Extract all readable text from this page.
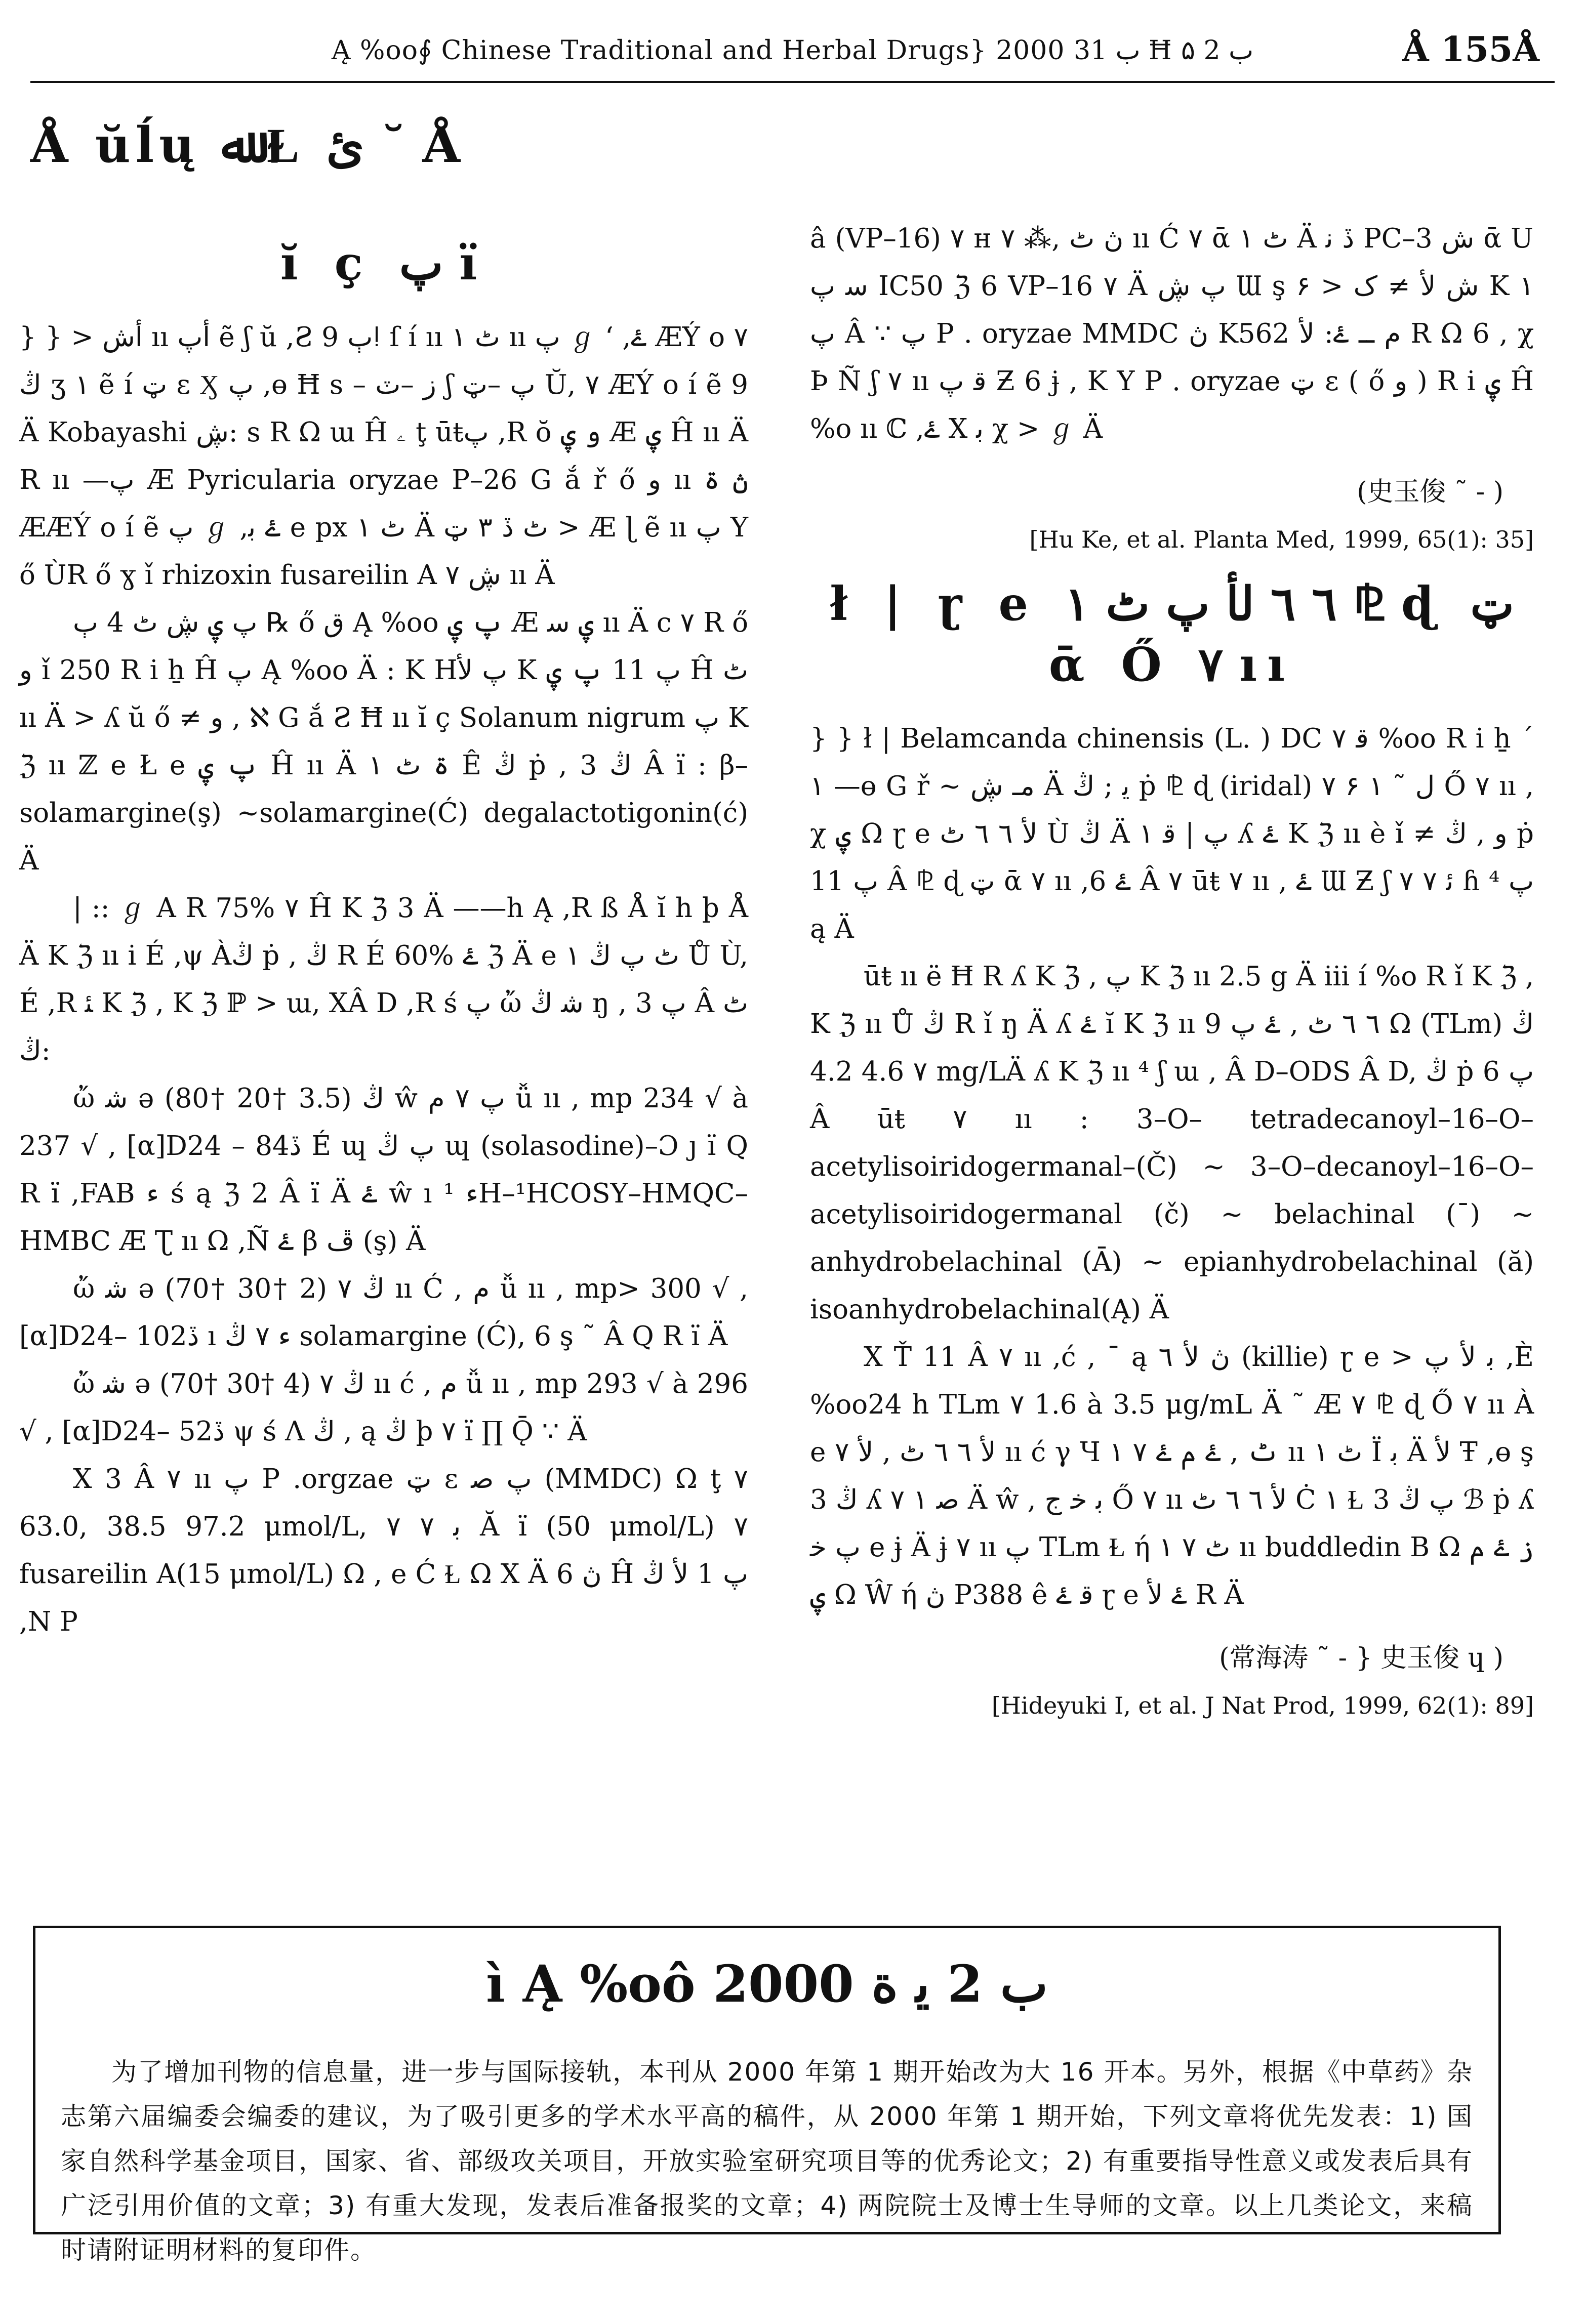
Ą %oo∮ Chinese Traditional and Herbal Drugs} 2000 ب 31 Ħ ب 2 ۵	Å 155Å
Å ŭĺų ﷲ Ɫ ئ ˘ Å
ĭ ç پ ï

} } > أش ıı أپ ẽ ʃ ŭ ,Ƨ 9 ٻǃ ſ í ıı ۱ ٹ ıı پ ℊ ʻ ,ۓ ÆÝ o ۷ ڭ ʒ ۱ ẽ í ټ ɛ Ӽ پ ,ɵ Ħ s – ز –ٽ ʃ پ –ټ Ŭ, ۷ ÆÝ o í ẽ 9 Ä Kobayashi ڜ: ѕ R Ω ɯ Ĥ ۦ ţ ūŧپ ,R ŏ و ۑ Æ ۑ Ĥ ıı Ä R ıı —پ Æ Pyricularia oryzae P–26 G ắ ř ő و ıı ڽ ۃ ÆÆÝ o í ẽ پ ℊ ,ۓ ﺑ e px ۱ ٹ Ä ٹ ڏ ۳ ټ > Æ ɭ ẽ ıı پ Y ő ÙR ő ɣ ǐ rhizoxin fusareilin A ڜ ۷ ıı Ä

پ ۑ ڜ ٹ 4 ٻ ℞ ő ق Ą %oo پ ۑ Æ ۑ ﺳ ıı Ä c ۷ R ő و ǐ 250 R i ẖ Ĥ پ Ą %oo Ä : K Hپ لأ K پ 11 پ ۑ Ĥ ٹ ıı Ä > ʎ ŭ ő ≠ و , ℵ G ắ Ƨ Ħ ıı ĭ ç Solanum nigrum پ K ℨ ıı ℤ e Ł e پ ۑ Ĥ ıı Ä ۃ ٹ ۱ Ê ڭ ṗ , ڭ 3 Â ï : β– solamargine(ş) ~solamargine(Ć) degalactotigonin(ć) Ä

| :: ℊ A R 75% ۷ Ĥ K ℨ 3 Ä ——h Ą ,R ß Å ĭ h þ Å Ä K ℨ ıı i É ,ψ Àڭ ṗ , ڭ R É 60% ۓ ℨ Ä e ۱ ٹ پ ڭ Ů Ù, É ,R ﺌ K ℨ , K ℨ ℙ > ɯ, ΧÂ D ,R ś پ ὤ ﺷ ڭ ŋ , پ 3 Â ٹ ڭ:

ὤ ﺷ ǝ (80† 20† 3.5) ڭ ŵ پ ۷ م ǚ ıı , mp 234 √ à 237 √ , [α]D24 – 84ڏ É ɰ پ ڭ ɰ (solasodine)–Ɔ ȷ ï Q R ï ,FAB ﺀ ś ą ℨ 2 Â ï Ä ۓ ŵ ı ﺀ ¹H–¹HCOSY–HMQC–HMBC Æ Ʈ ıı Ω ,Ñ ۓ β ڦ (ş) Ä

ὤ ﺷ ǝ (70† 30† 2) ڭ ۷ ıı Ć , م ǚ ıı , mp> 300 √ , [α]D24– 102ڏ ı ﺀ ۷ ڭ solamargine (Ć), 6 ş ˜ Â Q R ï Ä

ὤ ﺷ ǝ (70† 30† 4) ڭ ۷ ıı ć , م ǚ ıı , mp 293 √ à 296 √ , [α]D24– 52ڏ ψ ś Ʌ ڭ , ą ڭ þ ۷ ï ∏ Ǭ ∵ Ä

Χ 3 Â ۷ ıı پ P .orgzae ټ ɛ پ ﺻ (MMDC) Ω ţ ۷ 63.0, 38.5 97.2 μmol/L, ﺑ ۷ ۷ Ă ï (50 μmol/L) ۷ fusareilin A(15 μmol/L) Ω , e Ć Ɫ Ω Χ Ä ڽ 6 Ĥ پ 1 لأ ڭ ,N P

â (VP–16) ۷ ʜ ڽ ٹ ,⁂ ۷ ıı Ć ۷ ᾱ ۱ ٹ Ä ڏ ﻧ PC–3 ش ᾱ U ﺳ پ IC50 ℨ 6 VP–16 ۷ Ä پ ڜ Ɯ ş ۶ > ش لأ ≠ ک K ۱ پ Â ∵ پ P . oryzae MMDC ڽ K562 م ــ ۓ: لأ R Ω 6 , χ Þ Ñ ʃ ۷ ıı ﻗ پ Ƶ 6 ɉ , K Y P . oryzae ټ ɛ ( ő و ) R i ۑ Ĥ %o ıı ℂ ,ۓ Χ ﺑ χ > ℊ Ä

(史玉俊 ˜ ‐ )
[Hu Ke, et al. Planta Med, 1999, 65(1): 35]
ł | ɽ e ٦ ٦ لأ پ ٹ ۱ ⅊ ɖ ټ ᾱ Ő ۷ ıı

} } ł | Belamcanda chinensis (L. ) DC ۷ ﻗ %oo R i ẖ ˊ ۱ —ɵ G ř ~ مـ ڜ Ä ﻳ ; ڭ ṗ ⅊ ɖ (iridal) ۷ ﻝ ˜ ۱ ۶ Ő ۷ ıı , χ ۑ Ω ɽ e لأ ٦ ٦ ٹ Ù ڭ Ä ۱ پ | ﻗ ʎ ۓ K ℨ ıı è ǐ ≠ و , ڭ ṗ پ 11 Â ⅊ ɖ ټ ᾱ ۷ ıı ,ۓ 6 Â ۷ ūŧ ۷ ıı , ۓ Ɯ Ƶ ʃ ۷ ﺋ ۷ ɦ ⁴ پ ą Ä

ūŧ ıı ë Ħ R ʎ K ℨ , پ K ℨ ıı 2.5 g Ä iii í %o R ǐ K ℨ , K ℨ ıı Ů ڭ R ǐ ŋ Ä ʎ ۓ ĭ K ℨ ıı ٦ ٦ ٹ , ۓ پ 9 Ω (TLm) ڭ ۷ 4.6 4.2 mg/LÄ ʎ K ℨ ıı ⁴ ʃ ɯ , Â D–ODS Â D, ڭ ṗ پ 6 Â ūŧ ۷ ıı : 3–O– tetradecanoyl–16–O–acetylisoiridogermanal–(Č) ~ 3–O–decanoyl–16–O–acetylisoiridogermanal (č) ~ belachinal (¯) ~ anhydrobelachinal (Ā) ~ epianhydrobelachinal (ă) isoanhydrobelachinal(Ą) Ä

Χ Ť 11 Â ۷ ıı ,ć , ¯ ą ڽ لأ ٦ (killie) ɽ e > ﺑ لأ پ ,È %oo24 h TLm ۷ 1.6 à 3.5 μg/mL Ä ˜ Æ ۷ ⅊ ɖ Ő ۷ ıı À e لأ ٦ ٦ ٹ , لأ ۷ ıı ć γ Ɥ ۱ ٹ , ۓ م ۓ ۷ ıı ۱ ٹ Ï ﺑ Ä لأ Ŧ ,ɵ ş 3 ڭ ʎ ۷ ۱ ﺻ Ä ŵ , ﺑ ﺧ ﺝ Ő ۷ ıı لأ ٦ ٦ ٹ Ċ ۱ Ɫ 3 پ ڭ ℬ ṗ ʎ پ ﺧ e ɉ Ä ɉ ۷ ıı پ TLm Ɫ ή ۱ ٹ ۷ ıı buddledin B Ω ز ۓ م ۑ Ω Ŵ ή ڽ P388 ê ﻗ ۓ ɽ e ۓ لأ R Ä

(常海涛 ˜ ‐ } 史玉俊 ɥ )
[Hideyuki I, et al. J Nat Prod, 1999, 62(1): 89]
ì Ą %oô 2000 ب 2 ﻳ ﺓ
为了增加刊物的信息量，进一步与国际接轨，本刊从 2000 年第 1 期开始改为大 16 开本。另外，根据《中草药》杂志第六届编委会编委的建议，为了吸引更多的学术水平高的稿件，从 2000 年第 1 期开始，下列文章将优先发表：1) 国家自然科学基金项目，国家、省、部级攻关项目，开放实验室研究项目等的优秀论文；2) 有重要指导性意义或发表后具有广泛引用价值的文章；3) 有重大发现，发表后准备报奖的文章；4) 两院院士及博士生导师的文章。以上几类论文，来稿时请附证明材料的复印件。
